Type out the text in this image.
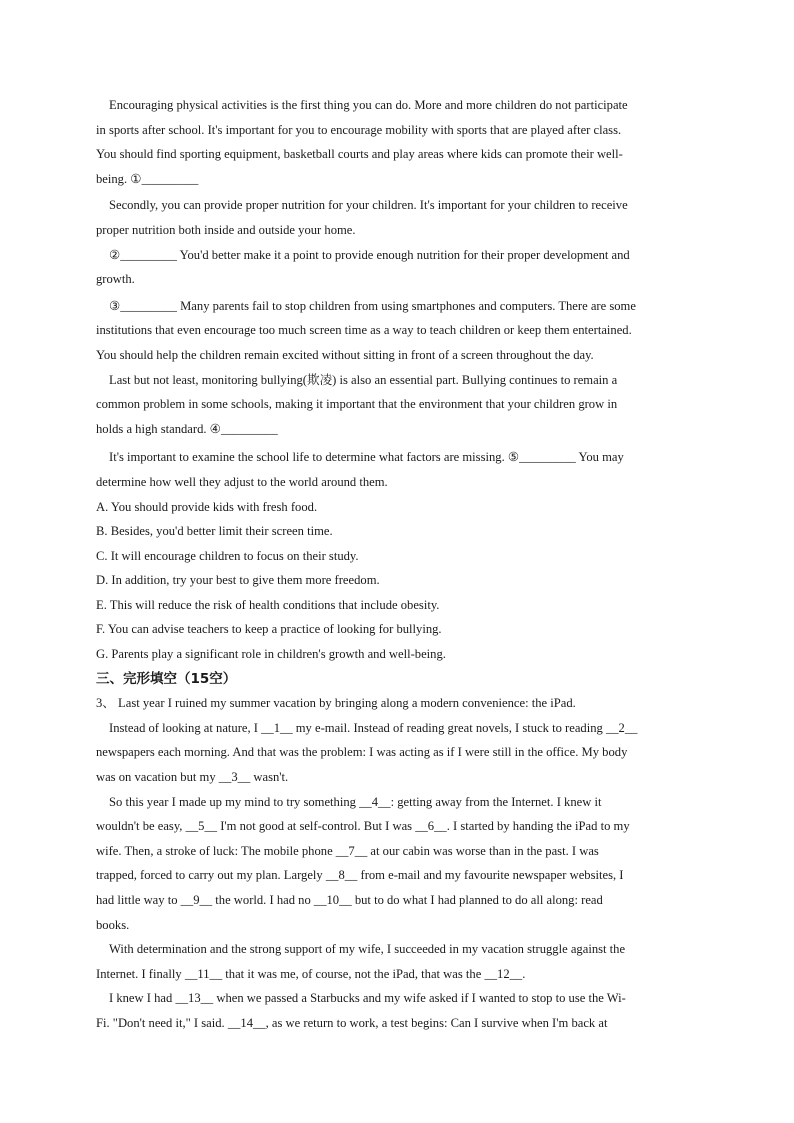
Encouraging physical activities is the first thing you can do. More and more children do not participate
in sports after school. It's important for you to encourage mobility with sports that are played after class.
You should find sporting equipment, basketball courts and play areas where kids can promote their well-
being. ①_________
Secondly, you can provide proper nutrition for your children. It's important for your children to receive
proper nutrition both inside and outside your home.
②_________ You'd better make it a point to provide enough nutrition for their proper development and
growth.
③_________ Many parents fail to stop children from using smartphones and computers. There are some
institutions that even encourage too much screen time as a way to teach children or keep them entertained.
You should help the children remain excited without sitting in front of a screen throughout the day.
Last but not least, monitoring bullying(欺凌) is also an essential part. Bullying continues to remain a
common problem in some schools, making it important that the environment that your children grow in
holds a high standard. ④_________
It's important to examine the school life to determine what factors are missing. ⑤_________ You may
determine how well they adjust to the world around them.
A. You should provide kids with fresh food.
B. Besides, you'd better limit their screen time.
C. It will encourage children to focus on their study.
D. In addition, try your best to give them more freedom.
E. This will reduce the risk of health conditions that include obesity.
F. You can advise teachers to keep a practice of looking for bullying.
G. Parents play a significant role in children's growth and well-being.
三、完形填空（15空）
3、 Last year I ruined my summer vacation by bringing along a modern convenience: the iPad.
Instead of looking at nature, I __1__ my e-mail. Instead of reading great novels, I stuck to reading __2__
newspapers each morning. And that was the problem: I was acting as if I were still in the office. My body
was on vacation but my __3__ wasn't.
So this year I made up my mind to try something __4__: getting away from the Internet. I knew it
wouldn't be easy, __5__ I'm not good at self-control. But I was __6__. I started by handing the iPad to my
wife. Then, a stroke of luck: The mobile phone __7__ at our cabin was worse than in the past. I was
trapped, forced to carry out my plan. Largely __8__ from e-mail and my favourite newspaper websites, I
had little way to __9__ the world. I had no __10__ but to do what I had planned to do all along: read
books.
With determination and the strong support of my wife, I succeeded in my vacation struggle against the
Internet. I finally __11__ that it was me, of course, not the iPad, that was the __12__.
I knew I had __13__ when we passed a Starbucks and my wife asked if I wanted to stop to use the Wi-
Fi. "Don't need it," I said. __14__, as we return to work, a test begins: Can I survive when I'm back at
